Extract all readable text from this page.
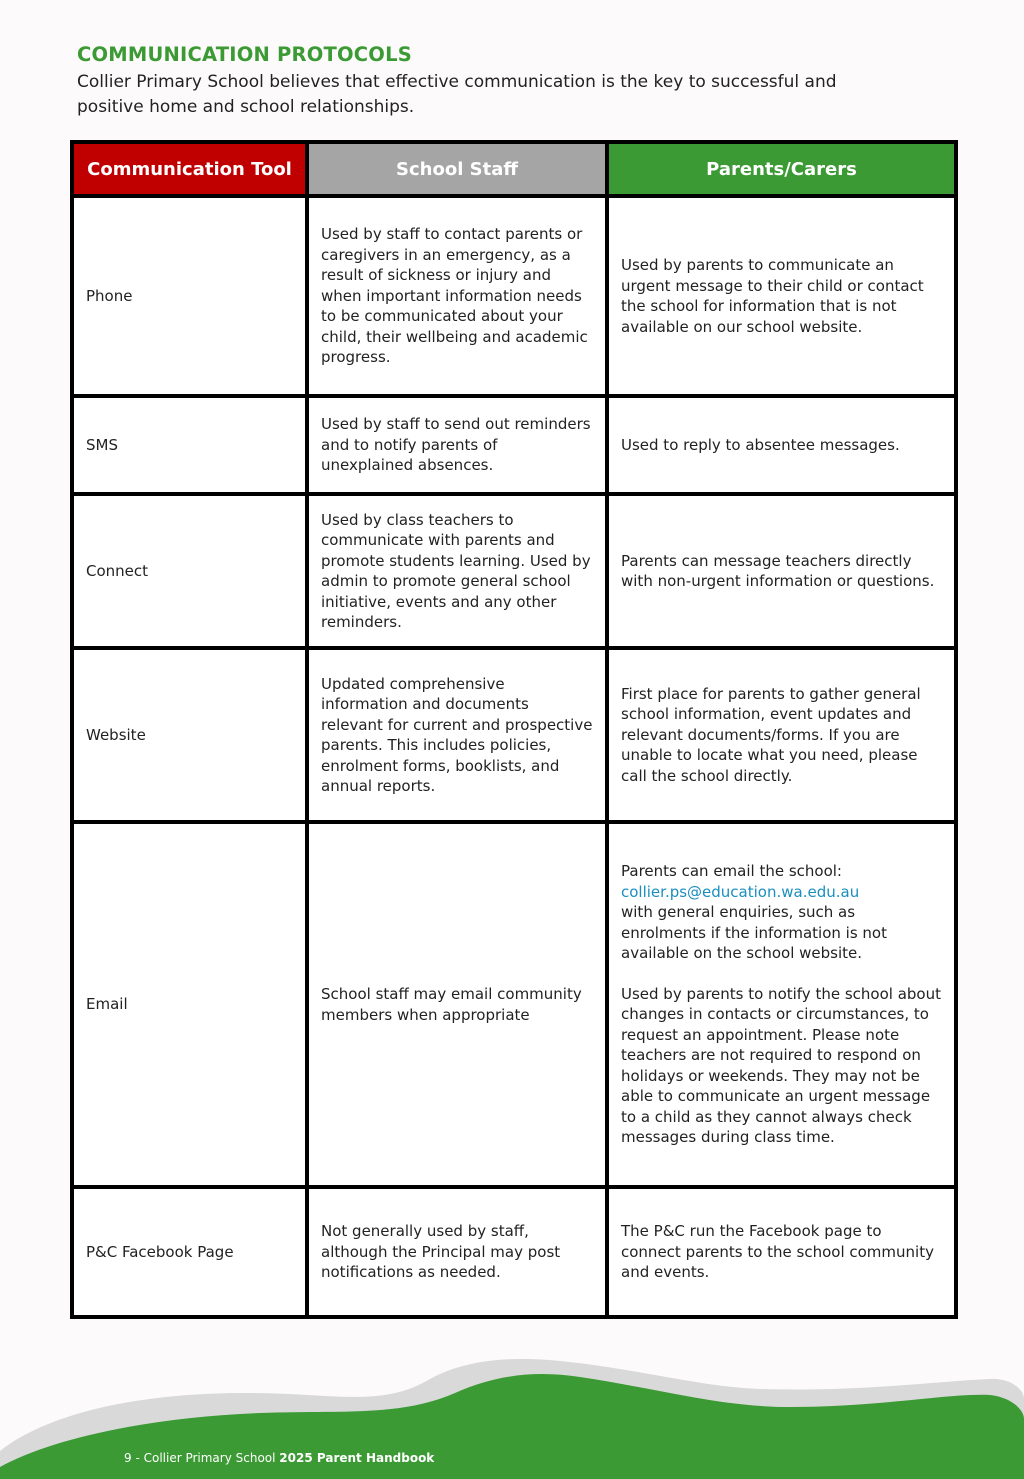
COMMUNICATION PROTOCOLS
Collier Primary School believes that effective communication is the key to successful and positive home and school relationships.
Communication Tool	School Staff	Parents/Carers
Phone	Used by staff to contact parents or caregivers in an emergency, as a result of sickness or injury and when important information needs to be communicated about your child, their wellbeing and academic progress.	Used by parents to communicate an urgent message to their child or contact the school for information that is not available on our school website.
SMS	Used by staff to send out reminders and to notify parents of unexplained absences.	Used to reply to absentee messages.
Connect	Used by class teachers to communicate with parents and promote students learning. Used by admin to promote general school initiative, events and any other reminders.	Parents can message teachers directly with non-urgent information or questions.
Website	Updated comprehensive information and documents relevant for current and prospective parents. This includes policies, enrolment forms, booklists, and annual reports.	First place for parents to gather general school information, event updates and relevant documents/forms. If you are unable to locate what you need, please call the school directly.
Email	School staff may email community members when appropriate	Parents can email the school:
collier.ps@education.wa.edu.au
with general enquiries, such as enrolments if the information is not available on the school website.
Used by parents to notify the school about changes in contacts or circumstances, to request an appointment. Please note teachers are not required to respond on holidays or weekends. They may not be able to communicate an urgent message to a child as they cannot always check messages during class time.
P&C Facebook Page	Not generally used by staff, although the Principal may post notifications as needed.	The P&C run the Facebook page to connect parents to the school community and events.
9 - Collier Primary School 2025 Parent Handbook
